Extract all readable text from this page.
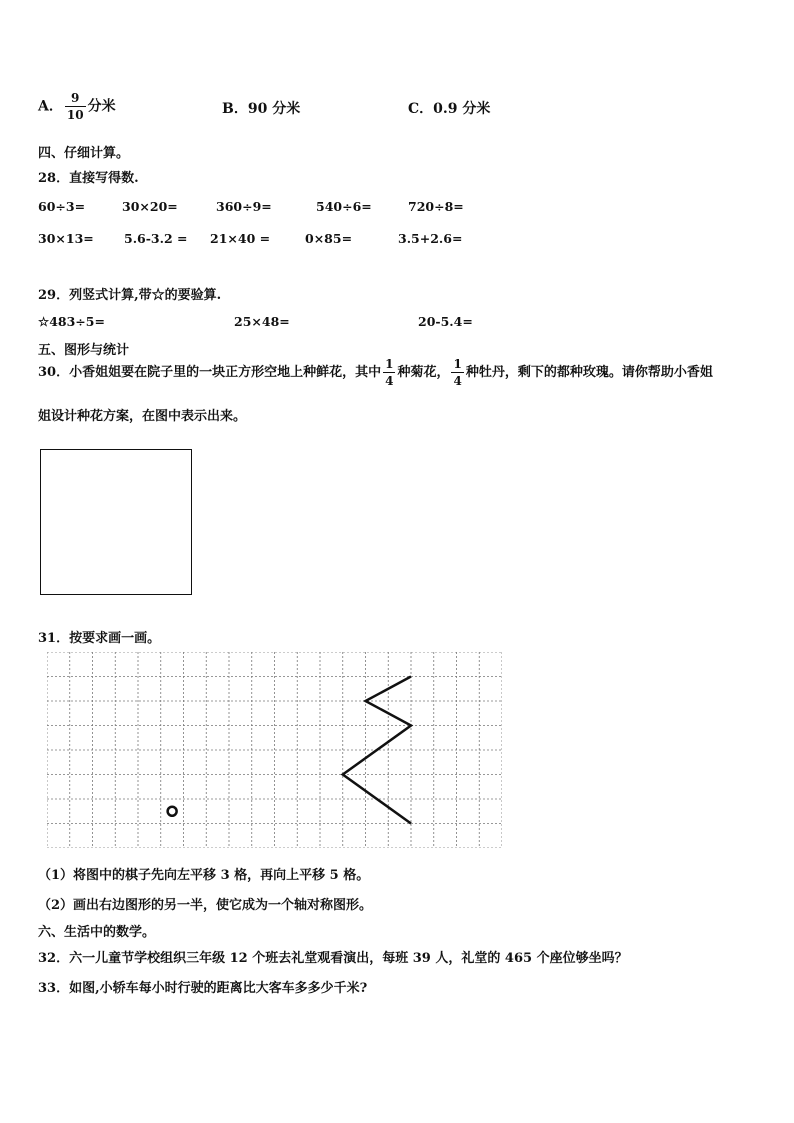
A． $\frac{9}{10}$ 分米	B．90 分米	C．0.9 分米
四、仔细计算。
28．直接写得数.
60÷3=	30×20=	360÷9=	540÷6=	720÷8=
30×13= 5.6-3.2 = 21×40 =	0×85=	3.5+2.6=
29．列竖式计算,带☆的要验算.
☆483÷5=	25×48=	20-5.4=
五、图形与统计
30．小香姐姐要在院子里的一块正方形空地上种鲜花，其中 $\frac{1}{4}$ 种菊花， $\frac{1}{4}$ 种牡丹，剩下的都种玫瑰。请你帮助小香姐
姐设计种花方案，在图中表示出来。
31．按要求画一画。
（1）将图中的棋子先向左平移 3 格，再向上平移 5 格。
（2）画出右边图形的另一半，使它成为一个轴对称图形。
六、生活中的数学。
32．六一儿童节学校组织三年级 12 个班去礼堂观看演出，每班 39 人，礼堂的 465 个座位够坐吗？
33．如图,小轿车每小时行驶的距离比大客车多多少千米?
